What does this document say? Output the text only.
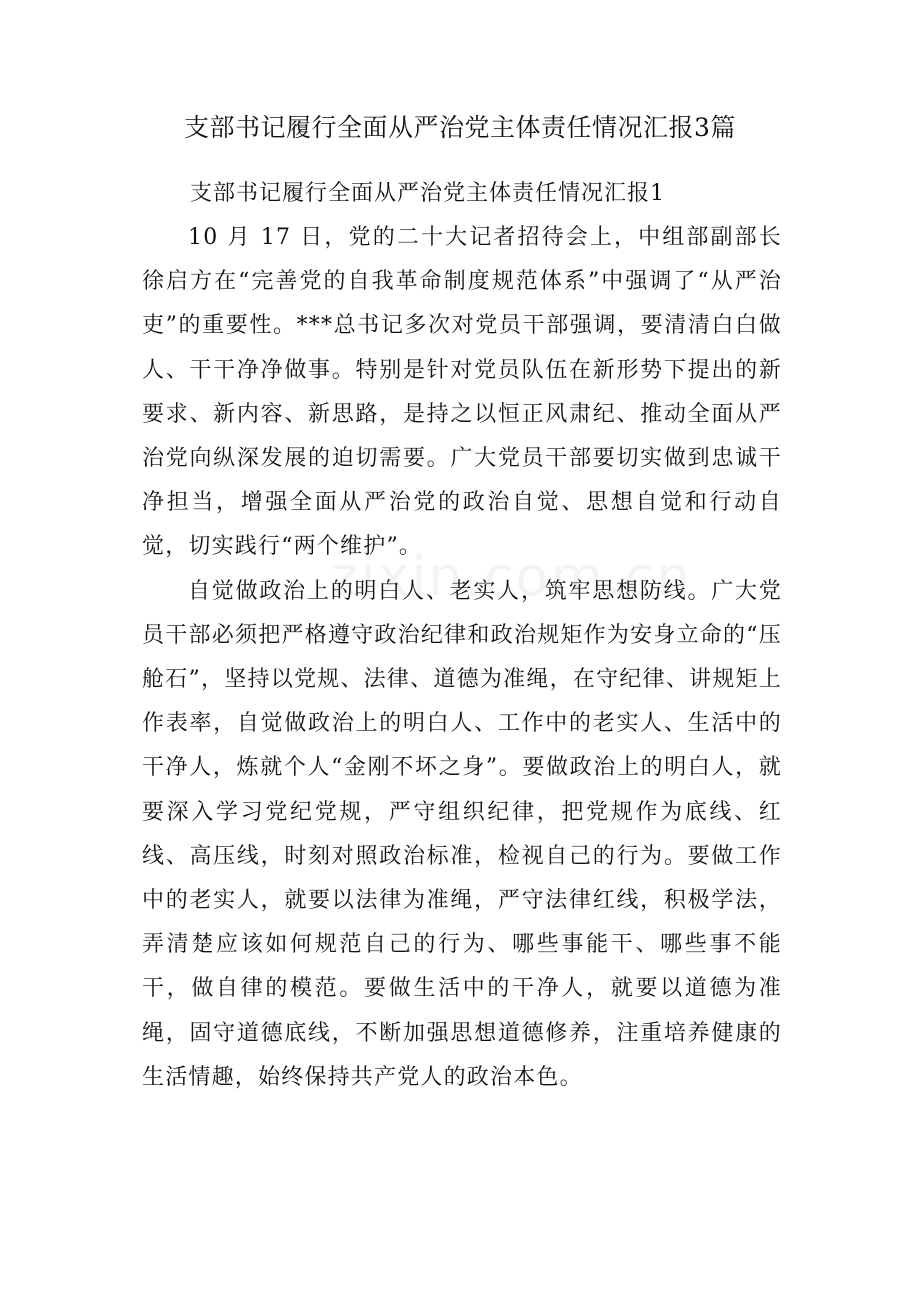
支部书记履行全面从严治党主体责任情况汇报3篇

支部书记履行全面从严治党主体责任情况汇报1

10 月 17 日，党的二十大记者招待会上，中组部副部长徐启方在“完善党的自我革命制度规范体系”中强调了“从严治吏”的重要性。***总书记多次对党员干部强调，要清清白白做人、干干净净做事。特别是针对党员队伍在新形势下提出的新要求、新内容、新思路，是持之以恒正风肃纪、推动全面从严治党向纵深发展的迫切需要。广大党员干部要切实做到忠诚干净担当，增强全面从严治党的政治自觉、思想自觉和行动自觉，切实践行“两个维护”。

自觉做政治上的明白人、老实人，筑牢思想防线。广大党员干部必须把严格遵守政治纪律和政治规矩作为安身立命的“压舱石”，坚持以党规、法律、道德为准绳，在守纪律、讲规矩上作表率，自觉做政治上的明白人、工作中的老实人、生活中的干净人，炼就个人“金刚不坏之身”。要做政治上的明白人，就要深入学习党纪党规，严守组织纪律，把党规作为底线、红线、高压线，时刻对照政治标准，检视自己的行为。要做工作中的老实人，就要以法律为准绳，严守法律红线，积极学法，弄清楚应该如何规范自己的行为、哪些事能干、哪些事不能干，做自律的模范。要做生活中的干净人，就要以道德为准绳，固守道德底线，不断加强思想道德修养，注重培养健康的生活情趣，始终保持共产党人的政治本色。
